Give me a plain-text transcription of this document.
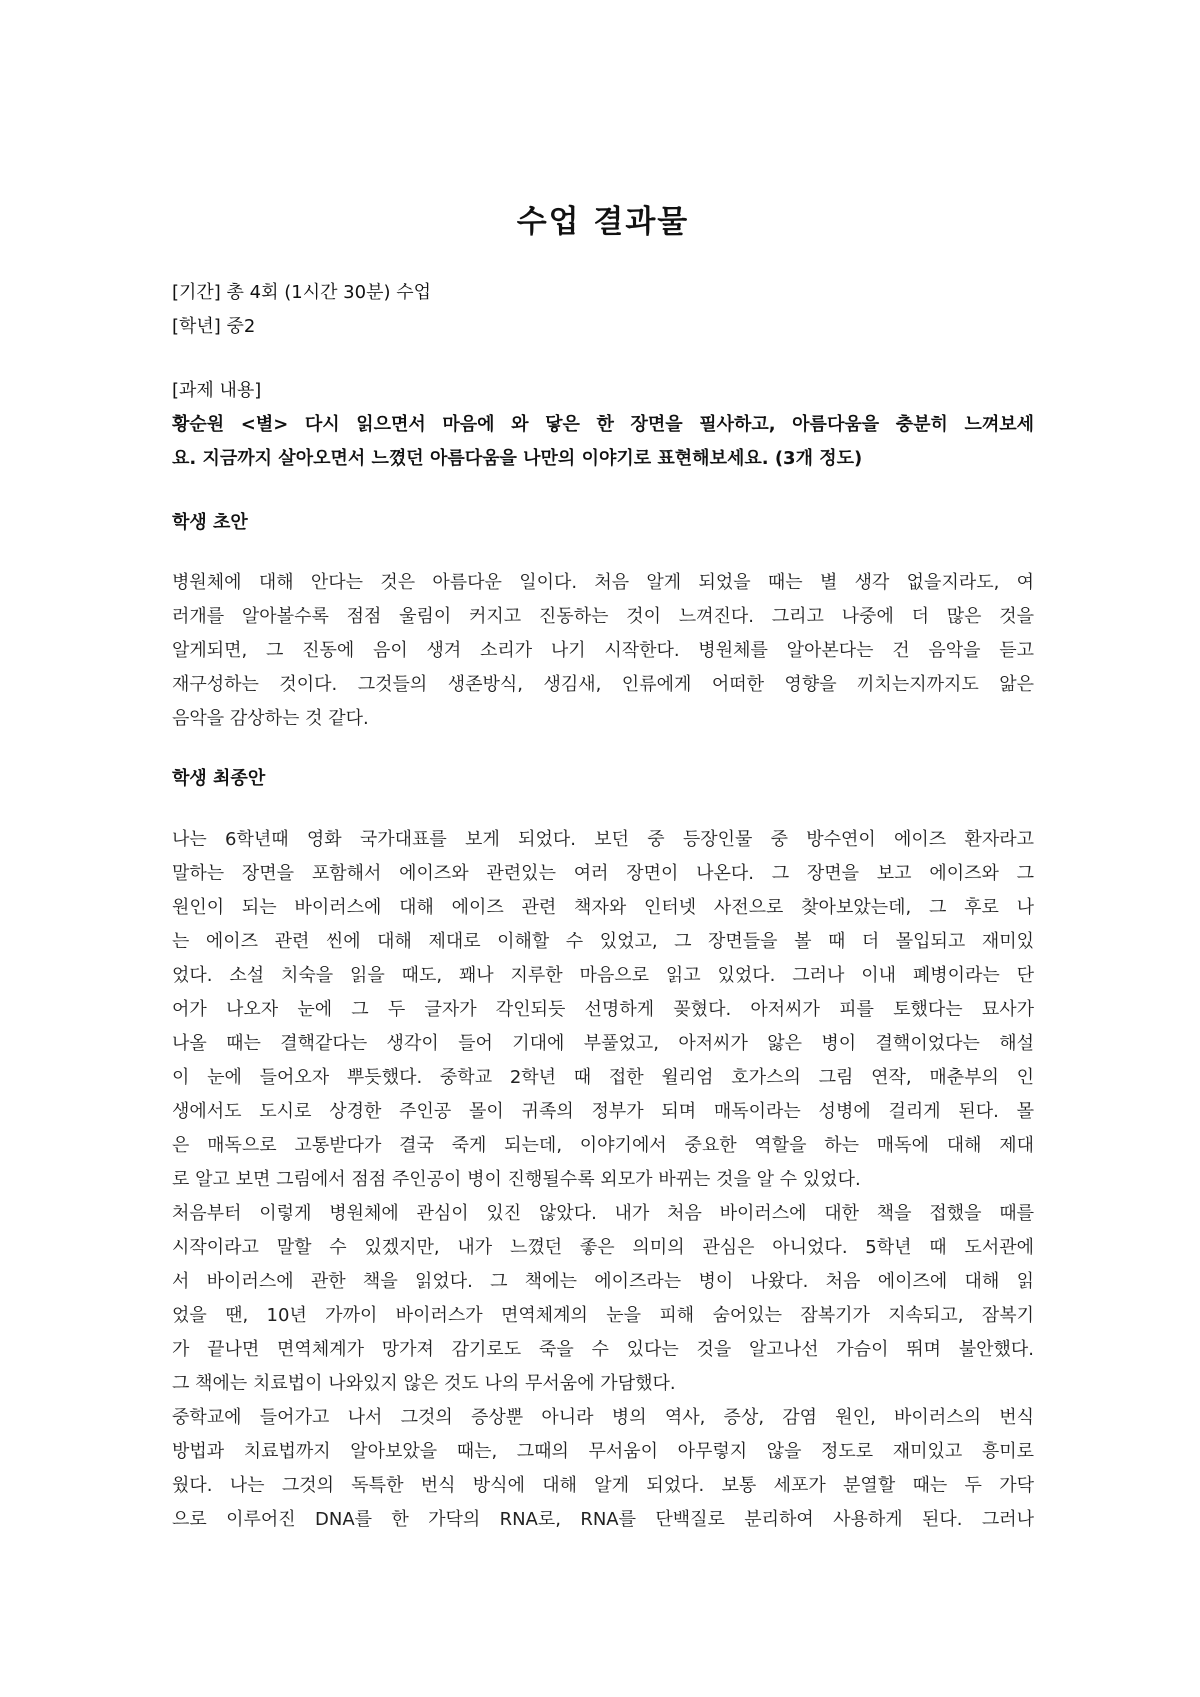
수업 결과물
[기간] 총 4회 (1시간 30분) 수업
[학년] 중2

[과제 내용]

황순원 <별> 다시 읽으면서 마음에 와 닿은 한 장면을 필사하고, 아름다움을 충분히 느껴보세
요. 지금까지 살아오면서 느꼈던 아름다움을 나만의 이야기로 표현해보세요. (3개 정도)
학생 초안
병원체에 대해 안다는 것은 아름다운 일이다. 처음 알게 되었을 때는 별 생각 없을지라도, 여
러개를 알아볼수록 점점 울림이 커지고 진동하는 것이 느껴진다. 그리고 나중에 더 많은 것을
알게되면, 그 진동에 음이 생겨 소리가 나기 시작한다. 병원체를 알아본다는 건 음악을 듣고
재구성하는 것이다. 그것들의 생존방식, 생김새, 인류에게 어떠한 영향을 끼치는지까지도 앎은
음악을 감상하는 것 같다.
학생 최종안
나는 6학년때 영화 국가대표를 보게 되었다. 보던 중 등장인물 중 방수연이 에이즈 환자라고
말하는 장면을 포함해서 에이즈와 관련있는 여러 장면이 나온다. 그 장면을 보고 에이즈와 그
원인이 되는 바이러스에 대해 에이즈 관련 책자와 인터넷 사전으로 찾아보았는데, 그 후로 나
는 에이즈 관련 씬에 대해 제대로 이해할 수 있었고, 그 장면들을 볼 때 더 몰입되고 재미있
었다. 소설 치숙을 읽을 때도, 꽤나 지루한 마음으로 읽고 있었다. 그러나 이내 폐병이라는 단
어가 나오자 눈에 그 두 글자가 각인되듯 선명하게 꽂혔다. 아저씨가 피를 토했다는 묘사가
나올 때는 결핵같다는 생각이 들어 기대에 부풀었고, 아저씨가 앓은 병이 결핵이었다는 해설
이 눈에 들어오자 뿌듯했다. 중학교 2학년 때 접한 윌리엄 호가스의 그림 연작, 매춘부의 인
생에서도 도시로 상경한 주인공 몰이 귀족의 정부가 되며 매독이라는 성병에 걸리게 된다. 몰
은 매독으로 고통받다가 결국 죽게 되는데, 이야기에서 중요한 역할을 하는 매독에 대해 제대
로 알고 보면 그림에서 점점 주인공이 병이 진행될수록 외모가 바뀌는 것을 알 수 있었다.
처음부터 이렇게 병원체에 관심이 있진 않았다. 내가 처음 바이러스에 대한 책을 접했을 때를
시작이라고 말할 수 있겠지만, 내가 느꼈던 좋은 의미의 관심은 아니었다. 5학년 때 도서관에
서 바이러스에 관한 책을 읽었다. 그 책에는 에이즈라는 병이 나왔다. 처음 에이즈에 대해 읽
었을 땐, 10년 가까이 바이러스가 면역체계의 눈을 피해 숨어있는 잠복기가 지속되고, 잠복기
가 끝나면 면역체계가 망가져 감기로도 죽을 수 있다는 것을 알고나선 가슴이 뛰며 불안했다.
그 책에는 치료법이 나와있지 않은 것도 나의 무서움에 가담했다.
중학교에 들어가고 나서 그것의 증상뿐 아니라 병의 역사, 증상, 감염 원인, 바이러스의 번식
방법과 치료법까지 알아보았을 때는, 그때의 무서움이 아무렇지 않을 정도로 재미있고 흥미로
웠다. 나는 그것의 독특한 번식 방식에 대해 알게 되었다. 보통 세포가 분열할 때는 두 가닥
으로 이루어진 DNA를 한 가닥의 RNA로, RNA를 단백질로 분리하여 사용하게 된다. 그러나
